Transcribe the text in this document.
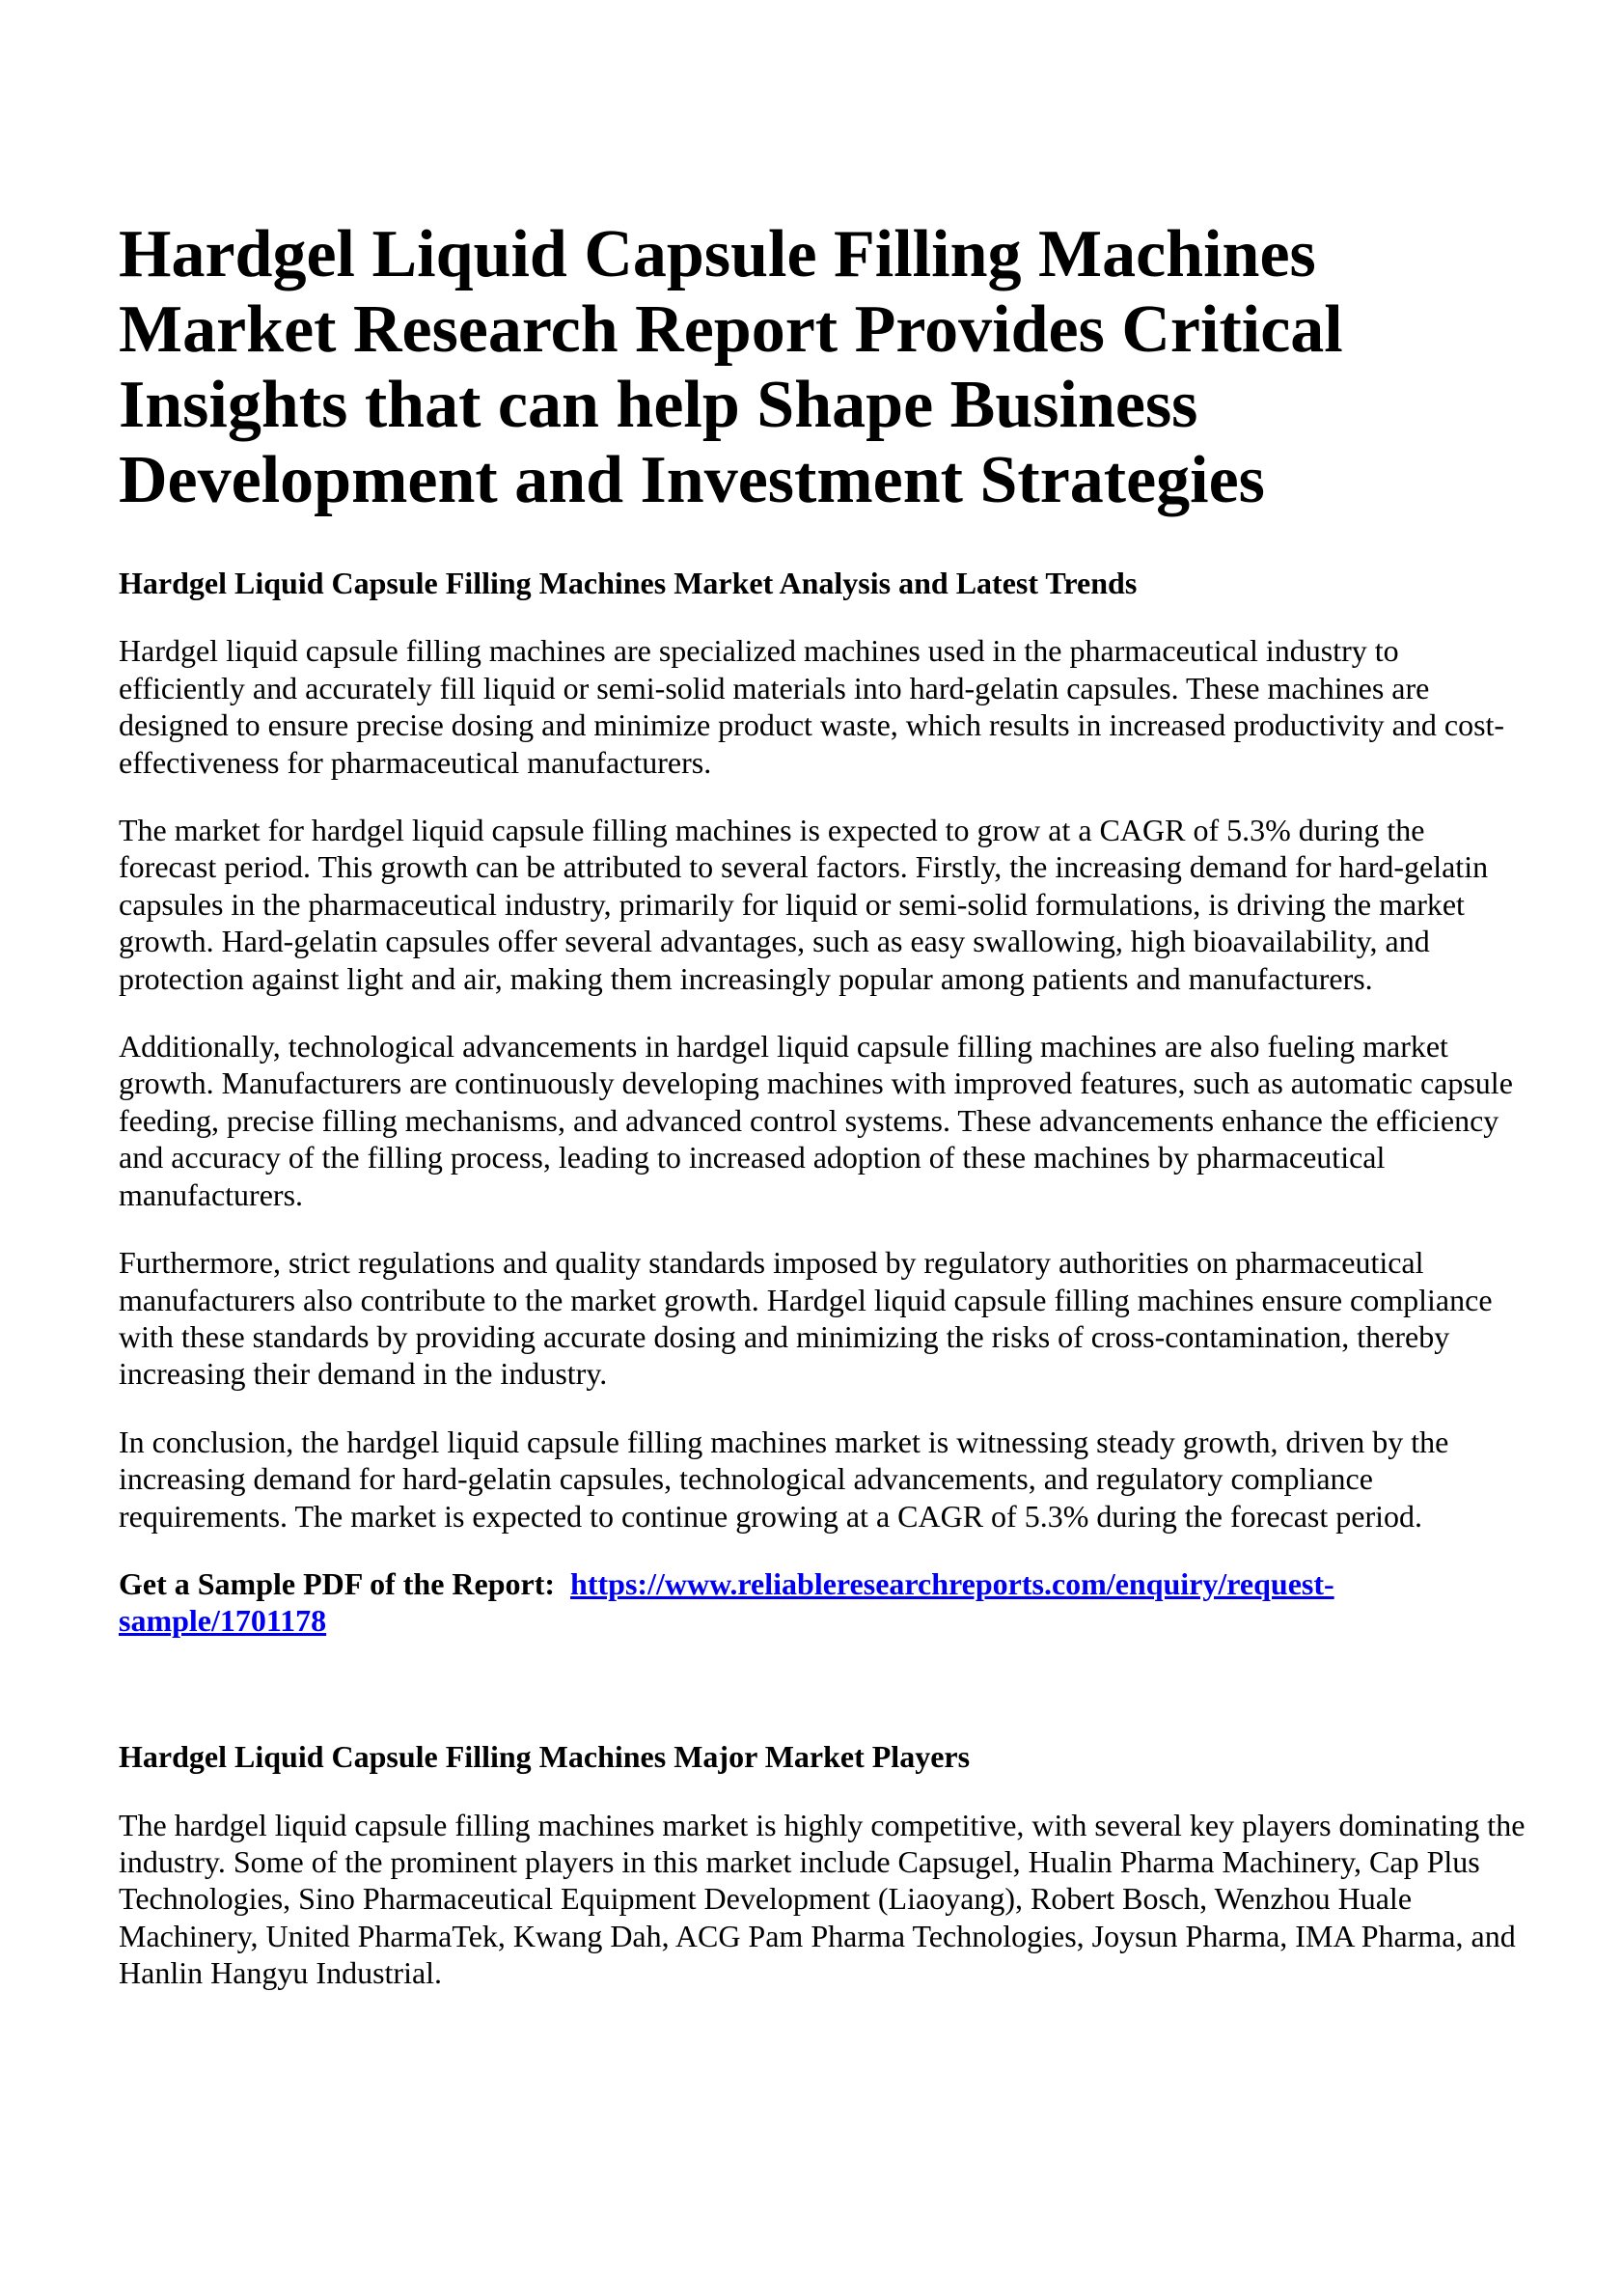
Hardgel Liquid Capsule Filling Machines Market Research Report Provides Critical Insights that can help Shape Business Development and Investment Strategies
Hardgel Liquid Capsule Filling Machines Market Analysis and Latest Trends

Hardgel liquid capsule filling machines are specialized machines used in the pharmaceutical industry to efficiently and accurately fill liquid or semi-solid materials into hard-gelatin capsules. These machines are designed to ensure precise dosing and minimize product waste, which results in increased productivity and cost-effectiveness for pharmaceutical manufacturers.

The market for hardgel liquid capsule filling machines is expected to grow at a CAGR of 5.3% during the forecast period. This growth can be attributed to several factors. Firstly, the increasing demand for hard-gelatin capsules in the pharmaceutical industry, primarily for liquid or semi-solid formulations, is driving the market growth. Hard-gelatin capsules offer several advantages, such as easy swallowing, high bioavailability, and protection against light and air, making them increasingly popular among patients and manufacturers.

Additionally, technological advancements in hardgel liquid capsule filling machines are also fueling market growth. Manufacturers are continuously developing machines with improved features, such as automatic capsule feeding, precise filling mechanisms, and advanced control systems. These advancements enhance the efficiency and accuracy of the filling process, leading to increased adoption of these machines by pharmaceutical manufacturers.

Furthermore, strict regulations and quality standards imposed by regulatory authorities on pharmaceutical manufacturers also contribute to the market growth. Hardgel liquid capsule filling machines ensure compliance with these standards by providing accurate dosing and minimizing the risks of cross-contamination, thereby increasing their demand in the industry.

In conclusion, the hardgel liquid capsule filling machines market is witnessing steady growth, driven by the increasing demand for hard-gelatin capsules, technological advancements, and regulatory compliance requirements. The market is expected to continue growing at a CAGR of 5.3% during the forecast period.

Get a Sample PDF of the Report: https://www.reliableresearchreports.com/enquiry/request-sample/1701178

Hardgel Liquid Capsule Filling Machines Major Market Players

The hardgel liquid capsule filling machines market is highly competitive, with several key players dominating the industry. Some of the prominent players in this market include Capsugel, Hualin Pharma Machinery, Cap Plus Technologies, Sino Pharmaceutical Equipment Development (Liaoyang), Robert Bosch, Wenzhou Huale Machinery, United PharmaTek, Kwang Dah, ACG Pam Pharma Technologies, Joysun Pharma, IMA Pharma, and Hanlin Hangyu Industrial.
